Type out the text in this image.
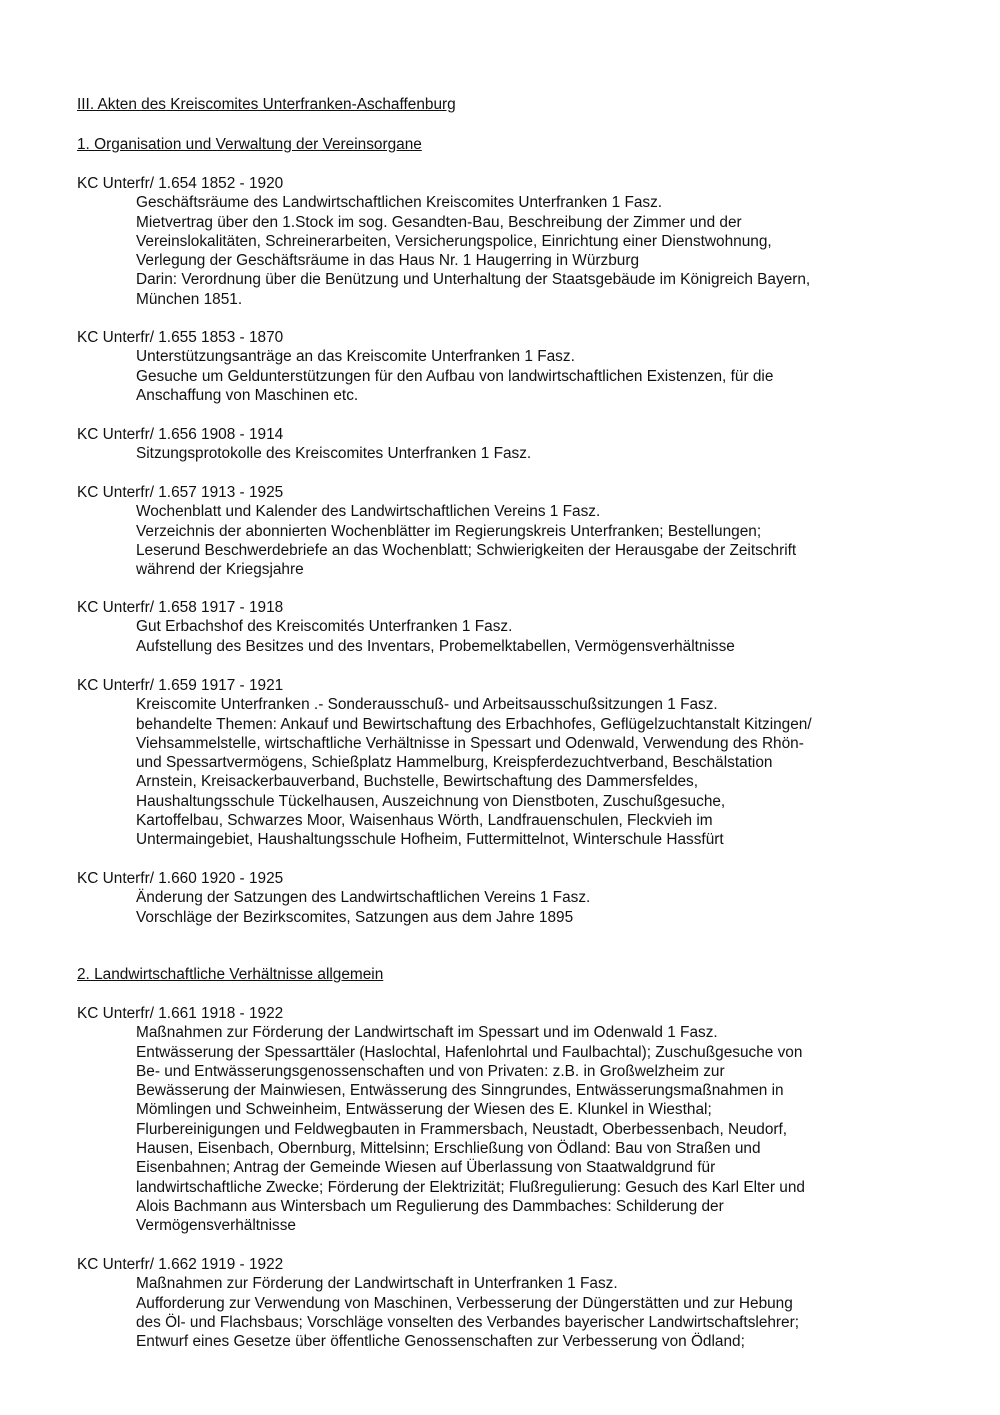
III. Akten des Kreiscomites Unterfranken-Aschaffenburg
1. Organisation und Verwaltung der Vereinsorgane
KC Unterfr/ 1.654 1852 - 1920
Geschäftsräume des Landwirtschaftlichen Kreiscomites Unterfranken 1 Fasz.
Mietvertrag über den 1.Stock im sog. Gesandten-Bau, Beschreibung der Zimmer und der
Vereinslokalitäten, Schreinerarbeiten, Versicherungspolice, Einrichtung einer Dienstwohnung,
Verlegung der Geschäftsräume in das Haus Nr. 1 Haugerring in Würzburg
Darin: Verordnung über die Benützung und Unterhaltung der Staatsgebäude im Königreich Bayern,
München 1851.
KC Unterfr/ 1.655 1853 - 1870
Unterstützungsanträge an das Kreiscomite Unterfranken 1 Fasz.
Gesuche um Geldunterstützungen für den Aufbau von landwirtschaftlichen Existenzen, für die
Anschaffung von Maschinen etc.
KC Unterfr/ 1.656 1908 - 1914
Sitzungsprotokolle des Kreiscomites Unterfranken 1 Fasz.
KC Unterfr/ 1.657 1913 - 1925
Wochenblatt und Kalender des Landwirtschaftlichen Vereins 1 Fasz.
Verzeichnis der abonnierten Wochenblätter im Regierungskreis Unterfranken; Bestellungen;
Leserund Beschwerdebriefe an das Wochenblatt; Schwierigkeiten der Herausgabe der Zeitschrift
während der Kriegsjahre
KC Unterfr/ 1.658 1917 - 1918
Gut Erbachshof des Kreiscomités Unterfranken 1 Fasz.
Aufstellung des Besitzes und des Inventars, Probemelktabellen, Vermögensverhältnisse
KC Unterfr/ 1.659 1917 - 1921
Kreiscomite Unterfranken .- Sonderausschuß- und Arbeitsausschußsitzungen 1 Fasz.
behandelte Themen: Ankauf und Bewirtschaftung des Erbachhofes, Geflügelzuchtanstalt Kitzingen/
Viehsammelstelle, wirtschaftliche Verhältnisse in Spessart und Odenwald, Verwendung des Rhön-
und Spessartvermögens, Schießplatz Hammelburg, Kreispferdezuchtverband, Beschälstation
Arnstein, Kreisackerbauverband, Buchstelle, Bewirtschaftung des Dammersfeldes,
Haushaltungsschule Tückelhausen, Auszeichnung von Dienstboten, Zuschußgesuche,
Kartoffelbau, Schwarzes Moor, Waisenhaus Wörth, Landfrauenschulen, Fleckvieh im
Untermaingebiet, Haushaltungsschule Hofheim, Futtermittelnot, Winterschule Hassfürt
KC Unterfr/ 1.660 1920 - 1925
Änderung der Satzungen des Landwirtschaftlichen Vereins 1 Fasz.
Vorschläge der Bezirkscomites, Satzungen aus dem Jahre 1895
2. Landwirtschaftliche Verhältnisse allgemein
KC Unterfr/ 1.661 1918 - 1922
Maßnahmen zur Förderung der Landwirtschaft im Spessart und im Odenwald 1 Fasz.
Entwässerung der Spessarttäler (Haslochtal, Hafenlohrtal und Faulbachtal); Zuschußgesuche von
Be- und Entwässerungsgenossenschaften und von Privaten: z.B. in Großwelzheim zur
Bewässerung der Mainwiesen, Entwässerung des Sinngrundes, Entwässerungsmaßnahmen in
Mömlingen und Schweinheim, Entwässerung der Wiesen des E. Klunkel in Wiesthal;
Flurbereinigungen und Feldwegbauten in Frammersbach, Neustadt, Oberbessenbach, Neudorf,
Hausen, Eisenbach, Obernburg, Mittelsinn; Erschließung von Ödland: Bau von Straßen und
Eisenbahnen; Antrag der Gemeinde Wiesen auf Überlassung von Staatwaldgrund für
landwirtschaftliche Zwecke; Förderung der Elektrizität; Flußregulierung: Gesuch des Karl Elter und
Alois Bachmann aus Wintersbach um Regulierung des Dammbaches: Schilderung der
Vermögensverhältnisse
KC Unterfr/ 1.662 1919 - 1922
Maßnahmen zur Förderung der Landwirtschaft in Unterfranken 1 Fasz.
Aufforderung zur Verwendung von Maschinen, Verbesserung der Düngerstätten und zur Hebung
des Öl- und Flachsbaus; Vorschläge vonselten des Verbandes bayerischer Landwirtschaftslehrer;
Entwurf eines Gesetze über öffentliche Genossenschaften zur Verbesserung von Ödland;
